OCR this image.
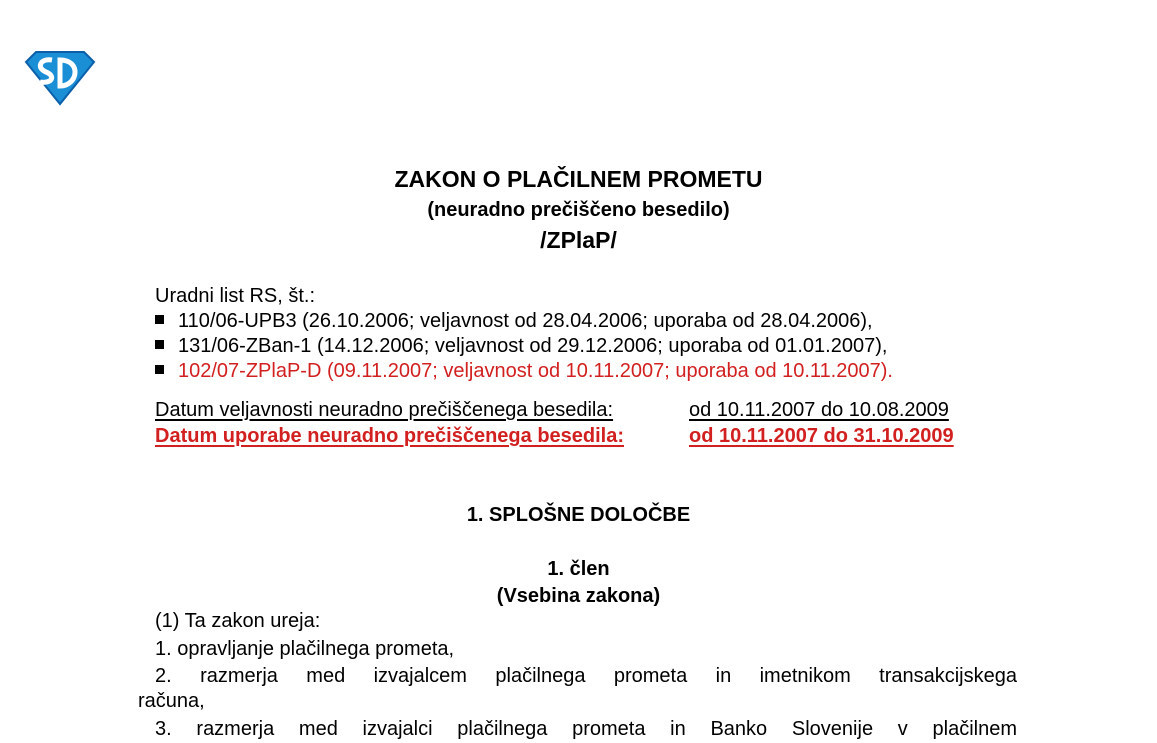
ZAKON O PLAČILNEM PROMETU
(neuradno prečiščeno besedilo)
/ZPlaP/
Uradni list RS, št.:
110/06-UPB3 (26.10.2006; veljavnost od 28.04.2006; uporaba od 28.04.2006),
131/06-ZBan-1 (14.12.2006; veljavnost od 29.12.2006; uporaba od 01.01.2007),
102/07-ZPlaP-D (09.11.2007; veljavnost od 10.11.2007; uporaba od 10.11.2007).
Datum veljavnosti neuradno prečiščenega besedila:	od 10.11.2007 do 10.08.2009
Datum uporabe neuradno prečiščenega besedila:	od 10.11.2007 do 31.10.2009
1. SPLOŠNE DOLOČBE
1. člen
(Vsebina zakona)
(1) Ta zakon ureja:
1. opravljanje plačilnega prometa,
2. razmerja med izvajalcem plačilnega prometa in imetnikom transakcijskega
računa,
3. razmerja med izvajalci plačilnega prometa in Banko Slovenije v plačilnem
